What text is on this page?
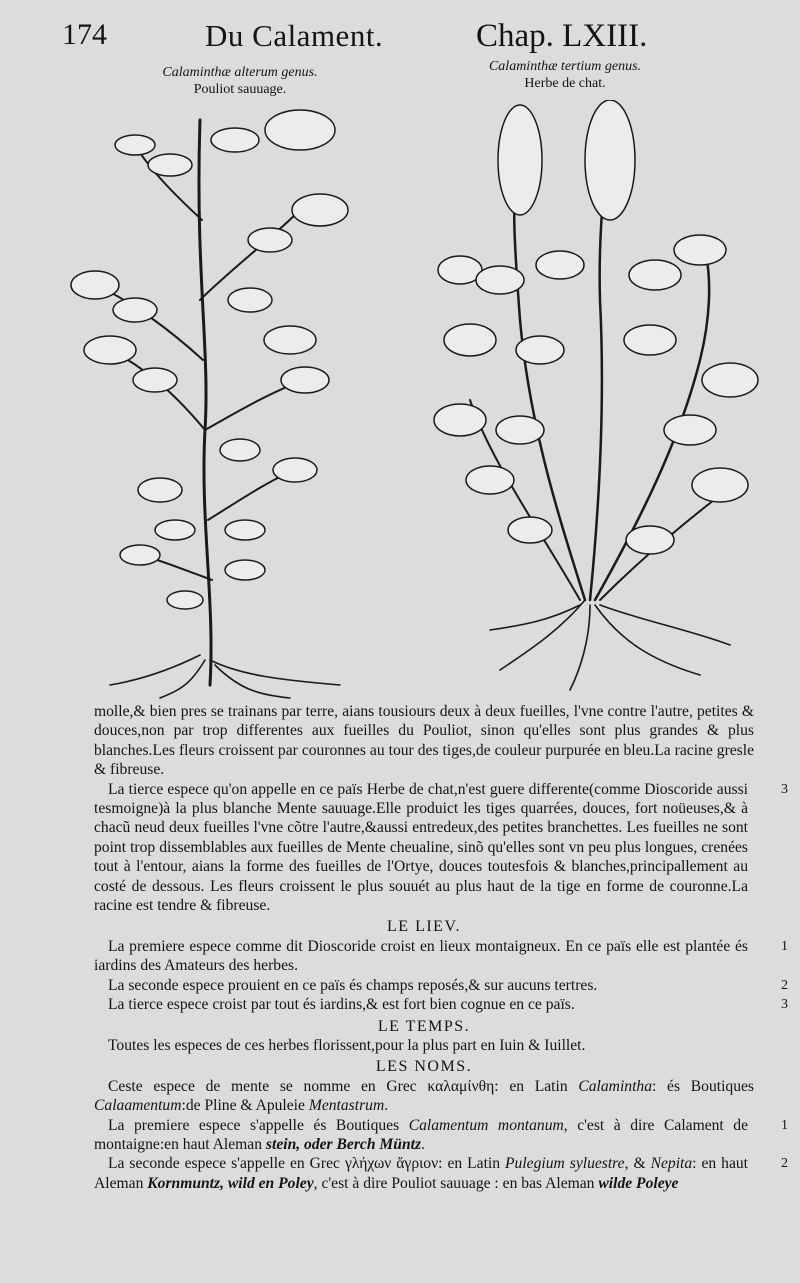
174	Du Calament.	Chap. LXIII.
Calaminthæ alterum genus.
Pouliot sauuage.
Calaminthæ tertium genus.
Herbe de chat.

molle,& bien pres se trainans par terre, aians tousiours deux à deux fueilles, l'vne contre l'autre, petites & douces,non par trop differentes aux fueilles du Pouliot, sinon qu'elles sont plus grandes & plus blanches.Les fleurs croissent par couronnes au tour des tiges,de couleur purpurée en bleu.La racine gresle & fibreuse.

La tierce espece qu'on appelle en ce païs Herbe de chat,n'est guere differente(comme Dioscoride aussi tesmoigne)à la plus blanche Mente sauuage.Elle produict les tiges quarrées, douces, fort noüeuses,& à chacũ neud deux fueilles l'vne cõtre l'autre,&aussi entredeux,des petites branchettes. Les fueilles ne sont point trop dissemblables aux fueilles de Mente cheualine, sinõ qu'elles sont vn peu plus longues, crenées tout à l'entour, aians la forme des fueilles de l'Ortye, douces toutesfois & blanches,principallement au costé de dessous. Les fleurs croissent le plus souuét au plus haut de la tige en forme de couronne.La racine est tendre & fibreuse.
3

LE LIEV.

La premiere espece comme dit Dioscoride croist en lieux montaigneux. En ce païs elle est plantée és iardins des Amateurs des herbes.
1

La seconde espece prouient en ce païs és champs reposés,& sur aucuns tertres.	2

La tierce espece croist par tout és iardins,& est fort bien cognue en ce païs.	3

LE TEMPS.

Toutes les especes de ces herbes florissent,pour la plus part en Iuin & Iuillet.

LES NOMS.

Ceste espece de mente se nomme en Grec καλαμίνθη: en Latin Calamintha: és Boutiques Calaamentum:de Pline & Apuleie Mentastrum.

La premiere espece s'appelle és Boutiques Calamentum montanum, c'est à dire Calament de montaigne:en haut Aleman stein, oder Berch Müntz.
1

La seconde espece s'appelle en Grec γλήχων ἄγριον: en Latin Pulegium syluestre, & Nepita: en haut Aleman Kornmuntz, wild en Poley, c'est à dire Pouliot sauuage : en bas Aleman wilde Poleye
2
